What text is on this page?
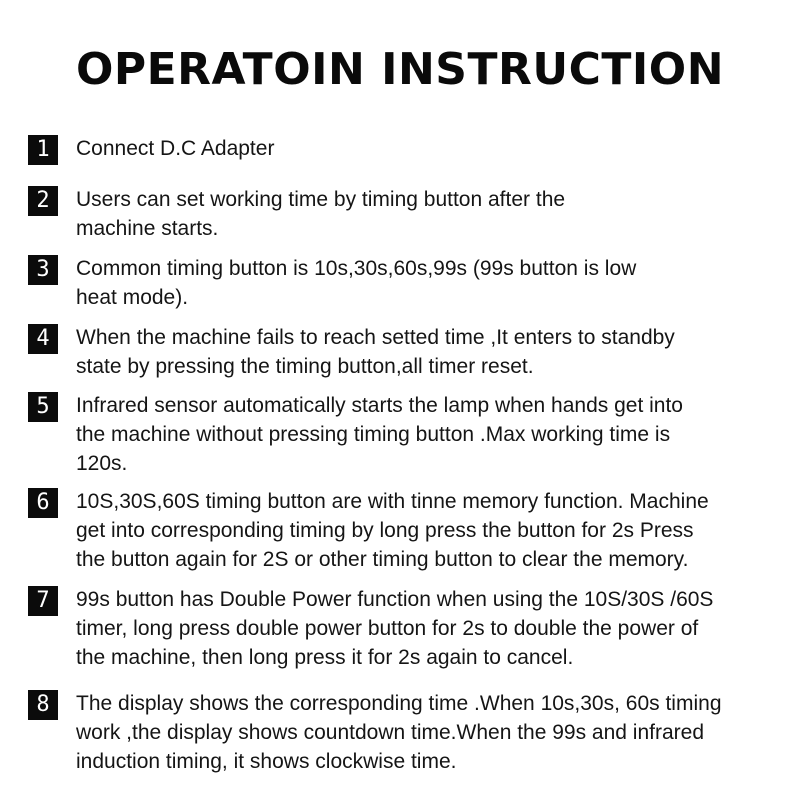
OPERATOIN INSTRUCTION
1	Connect D.C Adapter
2	Users can set working time by timing button after the
machine starts.
3	Common timing button is 10s,30s,60s,99s (99s button is low
heat mode).
4	When the machine fails to reach setted time ,It enters to standby
state by pressing the timing button,all timer reset.
5	Infrared sensor automatically starts the lamp when hands get into
the machine without pressing timing button .Max working time is
120s.
6	10S,30S,60S timing button are with tinne memory function. Machine
get into corresponding timing by long press the button for 2s Press
the button again for 2S or other timing button to clear the memory.
7	99s button has Double Power function when using the 10S/30S /60S
timer, long press double power button for 2s to double the power of
the machine, then long press it for 2s again to cancel.
8	The display shows the corresponding time .When 10s,30s, 60s timing
work ,the display shows countdown time.When the 99s and infrared
induction timing, it shows clockwise time.
